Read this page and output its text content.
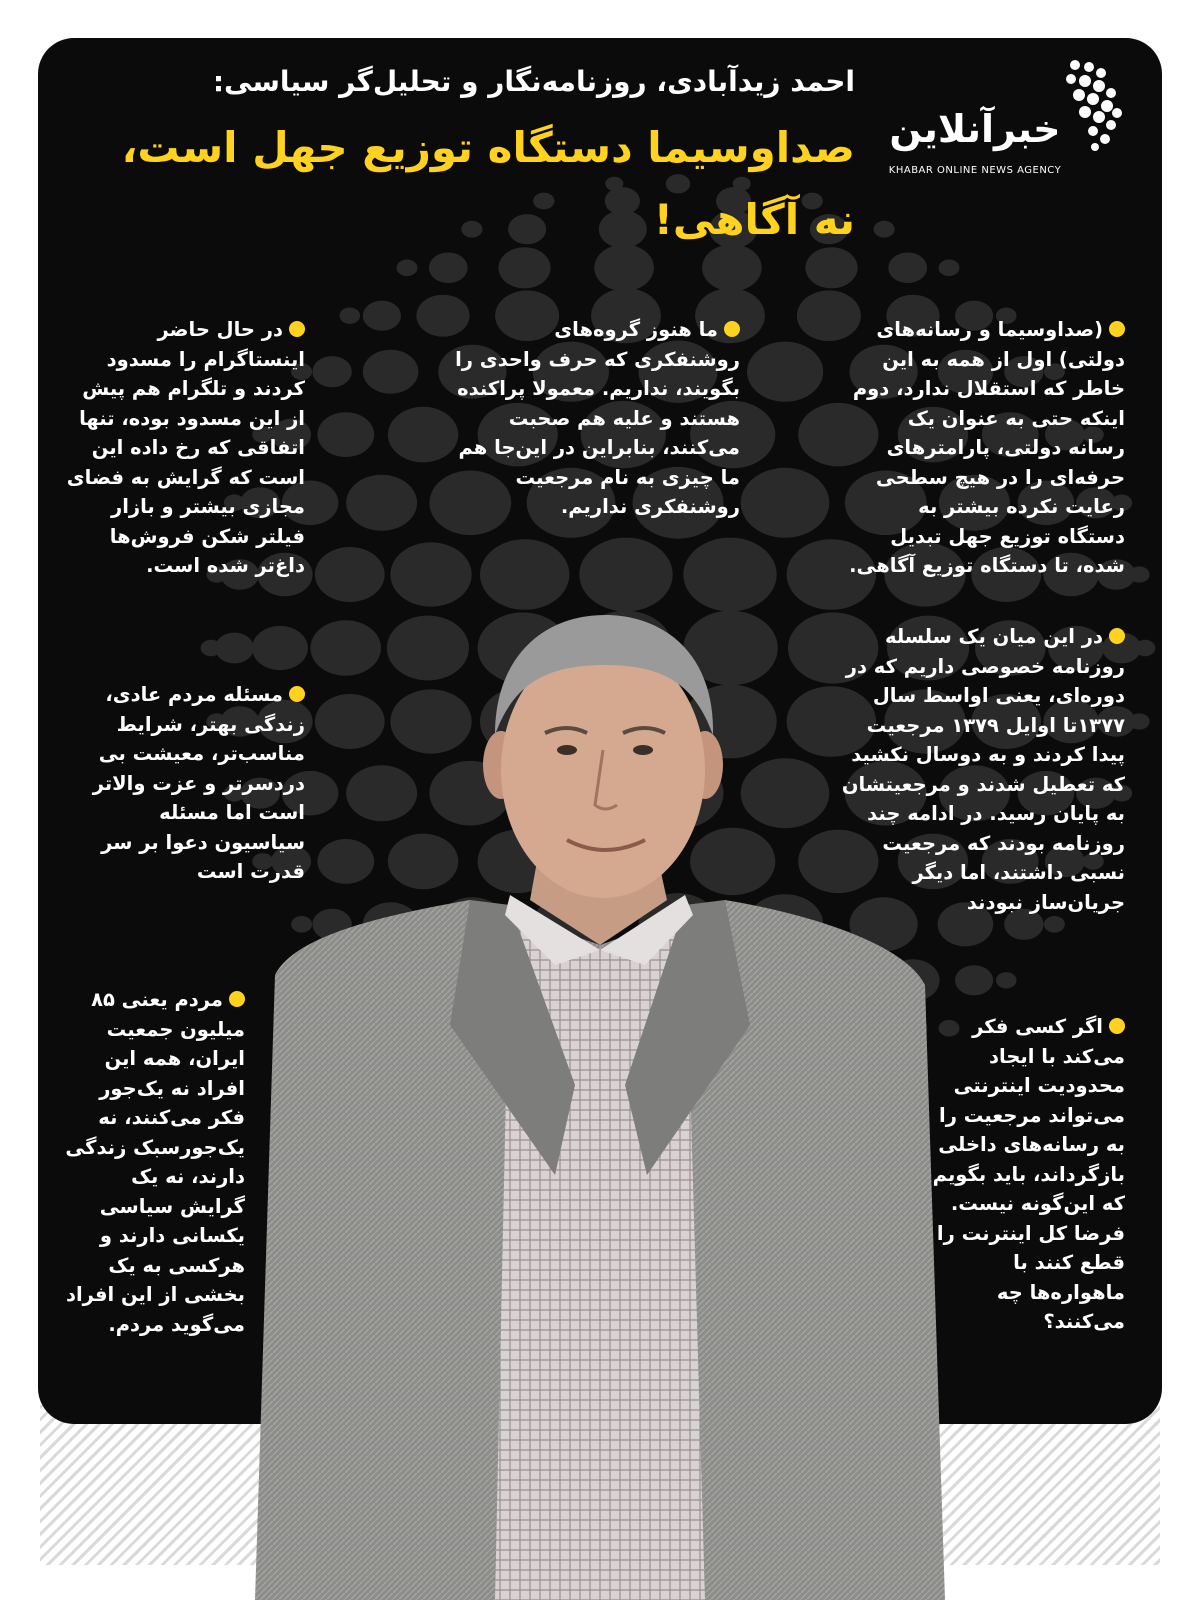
خبرآنلاین
KHABAR ONLINE NEWS AGENCY

احمد زیدآبادی، روزنامه‌نگار و تحلیل‌گر سیاسی:

صداوسیما دستگاه توزیع جهل است، نه آگاهی!

(صداوسیما و رسانه‌های دولتی) اول از همه به این خاطر که استقلال ندارد، دوم اینکه حتی به عنوان یک رسانه دولتی، پارامترهای حرفه‌ای را در هیچ سطحی رعایت نکرده بیشتر به دستگاه توزیع جهل تبدیل شده، تا دستگاه توزیع آگاهی.

ما هنوز گروه‌های روشنفکری که حرف واحدی را بگویند، نداریم. معمولا پراکنده هستند و علیه هم صحبت می‌کنند، بنابراین در این‌جا هم ما چیزی به نام مرجعیت روشنفکری نداریم.

در حال حاضر اینستاگرام را مسدود کردند و تلگرام هم پیش از این مسدود بوده، تنها اتفاقی که رخ داده این است که گرایش به فضای مجازی بیشتر و بازار فیلتر شکن فروش‌ها داغ‌تر شده است.

در این میان یک سلسله روزنامه خصوصی داریم که در دوره‌ای، یعنی اواسط سال ۱۳۷۷تا اوایل ۱۳۷۹ مرجعیت پیدا کردند و به دوسال نکشید که تعطیل شدند و مرجعیتشان به پایان رسید. در ادامه چند روزنامه بودند که مرجعیت نسبی داشتند، اما دیگر جریان‌ساز نبودند

مسئله مردم عادی، زندگی بهتر، شرایط مناسب‌تر، معیشت بی دردسرتر و عزت والاتر است اما مسئله سیاسیون دعوا بر سر قدرت است

اگر کسی فکر می‌کند با ایجاد محدودیت اینترنتی می‌تواند مرجعیت را به رسانه‌های داخلی بازگرداند، باید بگویم که این‌گونه نیست. فرضا کل اینترنت را قطع کنند با ماهواره‌ها چه می‌کنند؟

مردم یعنی ۸۵ میلیون جمعیت ایران، همه این افراد نه یک‌جور فکر می‌کنند، نه یک‌جورسبک زندگی دارند، نه یک گرایش سیاسی یکسانی دارند و هرکسی به یک بخشی از این افراد می‌گوید مردم.
